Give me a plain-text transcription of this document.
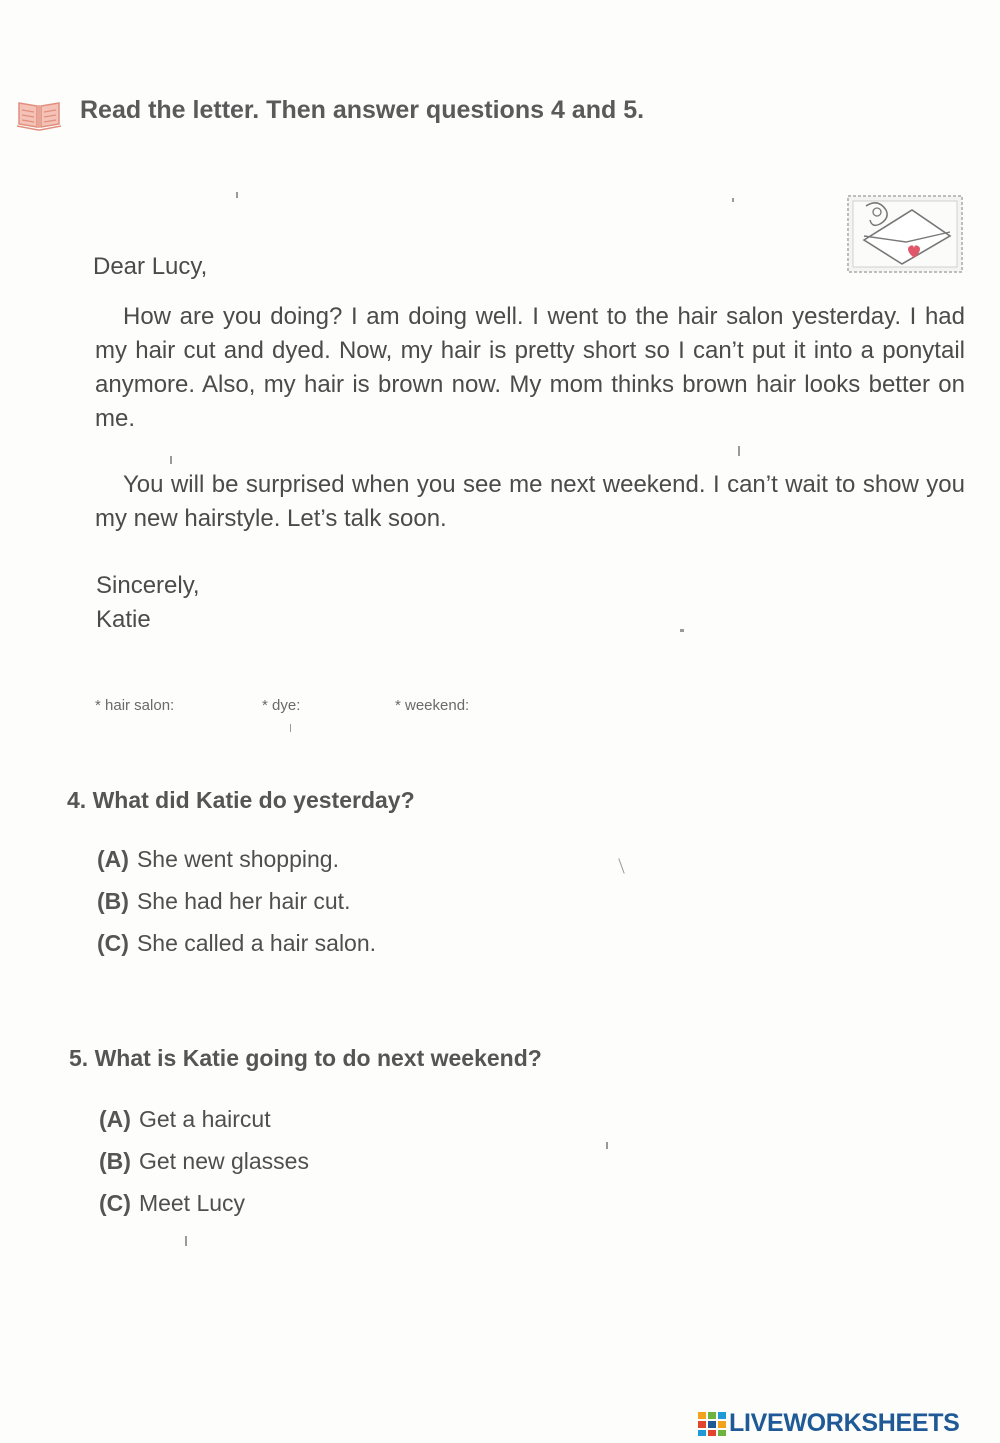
Read the letter. Then answer questions 4 and 5.
Dear Lucy,
How are you doing? I am doing well. I went to the hair salon yesterday. I had my hair cut and dyed. Now, my hair is pretty short so I can’t put it into a ponytail anymore. Also, my hair is brown now. My mom thinks brown hair looks better on me.
You will be surprised when you see me next weekend. I can’t wait to show you my new hairstyle. Let’s talk soon.
Sincerely,
Katie
* hair salon:	* dye:	* weekend:
4. What did Katie do yesterday?
(A) She went shopping.
(B) She had her hair cut.
(C) She called a hair salon.
5. What is Katie going to do next weekend?
(A) Get a haircut
(B) Get new glasses
(C) Meet Lucy
LIVEWORKSHEETS
